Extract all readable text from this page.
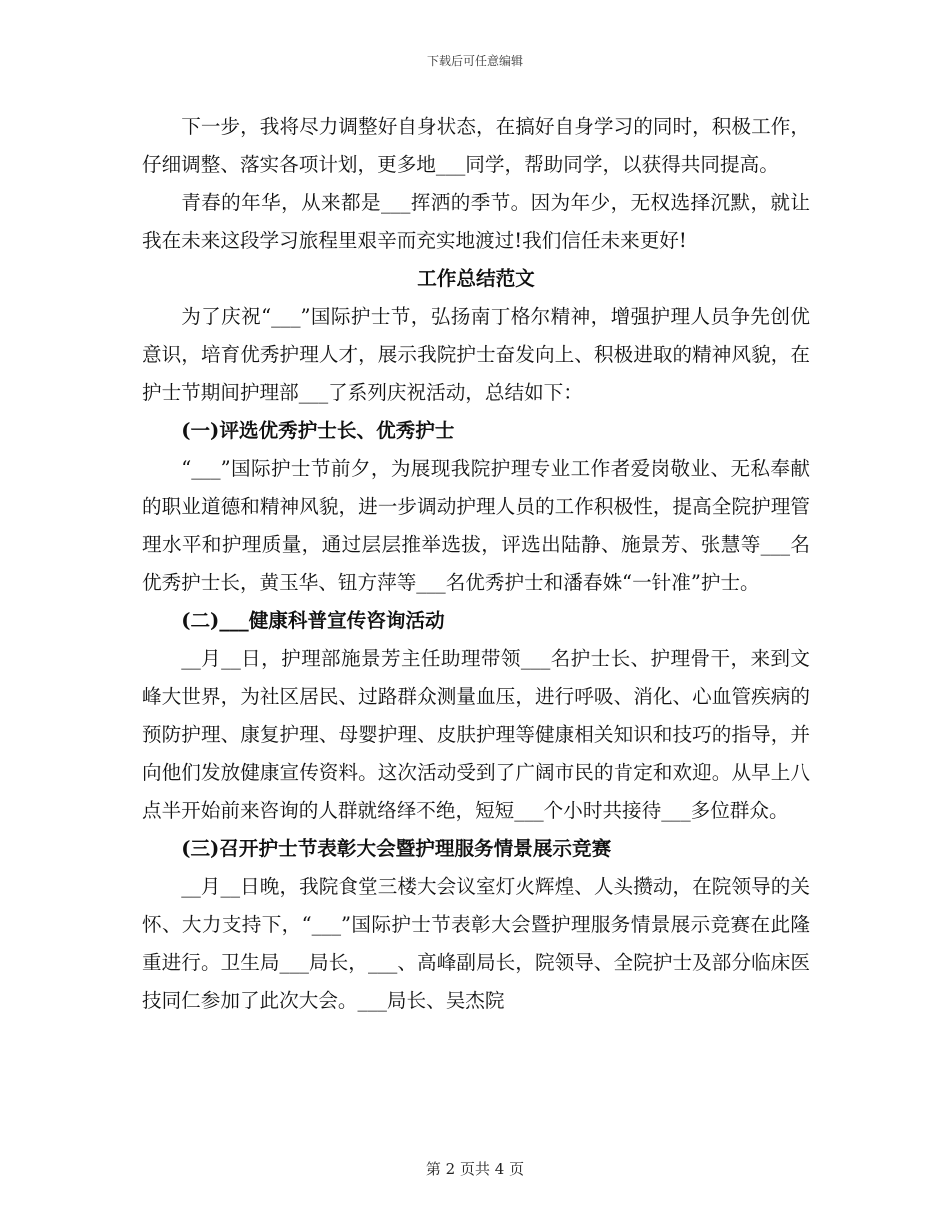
下载后可任意编辑

下一步，我将尽力调整好自身状态，在搞好自身学习的同时，积极工作，仔细调整、落实各项计划，更多地___同学，帮助同学，以获得共同提高。

青春的年华，从来都是___挥洒的季节。因为年少，无权选择沉默，就让我在未来这段学习旅程里艰辛而充实地渡过!我们信任未来更好!

工作总结范文

为了庆祝“___”国际护士节，弘扬南丁格尔精神，增强护理人员争先创优意识，培育优秀护理人才，展示我院护士奋发向上、积极进取的精神风貌，在护士节期间护理部___了系列庆祝活动，总结如下：

(一)评选优秀护士长、优秀护士

“___”国际护士节前夕，为展现我院护理专业工作者爱岗敬业、无私奉献的职业道德和精神风貌，进一步调动护理人员的工作积极性，提高全院护理管理水平和护理质量，通过层层推举选拔，评选出陆静、施景芳、张慧等___名优秀护士长，黄玉华、钮方萍等___名优秀护士和潘春姝“一针准”护士。

(二)___健康科普宣传咨询活动

__月__日，护理部施景芳主任助理带领___名护士长、护理骨干，来到文峰大世界，为社区居民、过路群众测量血压，进行呼吸、消化、心血管疾病的预防护理、康复护理、母婴护理、皮肤护理等健康相关知识和技巧的指导，并向他们发放健康宣传资料。这次活动受到了广阔市民的肯定和欢迎。从早上八点半开始前来咨询的人群就络绎不绝，短短___个小时共接待___多位群众。

(三)召开护士节表彰大会暨护理服务情景展示竞赛

__月__日晚，我院食堂三楼大会议室灯火辉煌、人头攒动，在院领导的关怀、大力支持下，“___”国际护士节表彰大会暨护理服务情景展示竞赛在此隆重进行。卫生局___局长，___、高峰副局长，院领导、全院护士及部分临床医技同仁参加了此次大会。___局长、吴杰院

第 2 页共 4 页
